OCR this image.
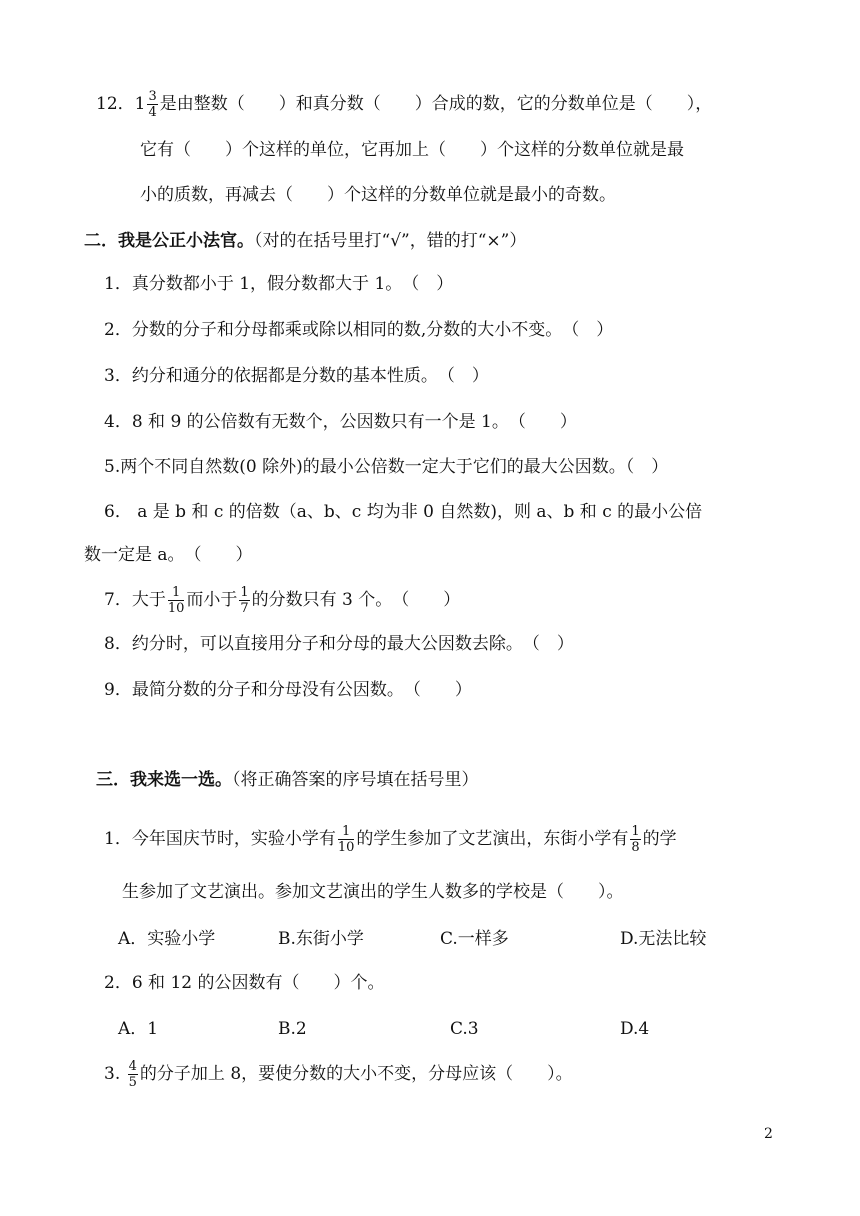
12．$1 \frac{3}{4}$ 是由整数（　　）和真分数（　　）合成的数，它的分数单位是（　　），
它有（　　）个这样的单位，它再加上（　　）个这样的分数单位就是最
小的质数，再减去（　　）个这样的分数单位就是最小的奇数。
二．我是公正小法官。（对的在括号里打“√”，错的打“×”）
1．真分数都小于 1，假分数都大于 1。　（　）
2．分数的分子和分母都乘或除以相同的数,分数的大小不变。　（　）
3．约分和通分的依据都是分数的基本性质。　（　）
4．8 和 9 的公倍数有无数个，公因数只有一个是 1。　（　　）
5.两个不同自然数(0 除外)的最小公倍数一定大于它们的最大公因数。（　）
6． a 是 b 和 c 的倍数（a、b、c 均为非 0 自然数)，则 a、b 和 c 的最小公倍
数一定是 a。　（　　）
7．大于 $\frac{1}{10}$ 而小于 $\frac{1}{7}$ 的分数只有 3 个。　（　　）
8．约分时，可以直接用分子和分母的最大公因数去除。　（　）
9．最简分数的分子和分母没有公因数。　（　　）
三．我来选一选。（将正确答案的序号填在括号里）
1．今年国庆节时，实验小学有 $\frac{1}{10}$ 的学生参加了文艺演出，东街小学有 $\frac{1}{8}$ 的学
生参加了文艺演出。参加文艺演出的学生人数多的学校是（　　）。
A．实验小学	B.东街小学	C.一样多	D.无法比较
2．6 和 12 的公因数有（　　）个。
A．1	B.2	C.3	D.4
3. $\frac{4}{5}$ 的分子加上 8，要使分数的大小不变，分母应该（　　）。
2
